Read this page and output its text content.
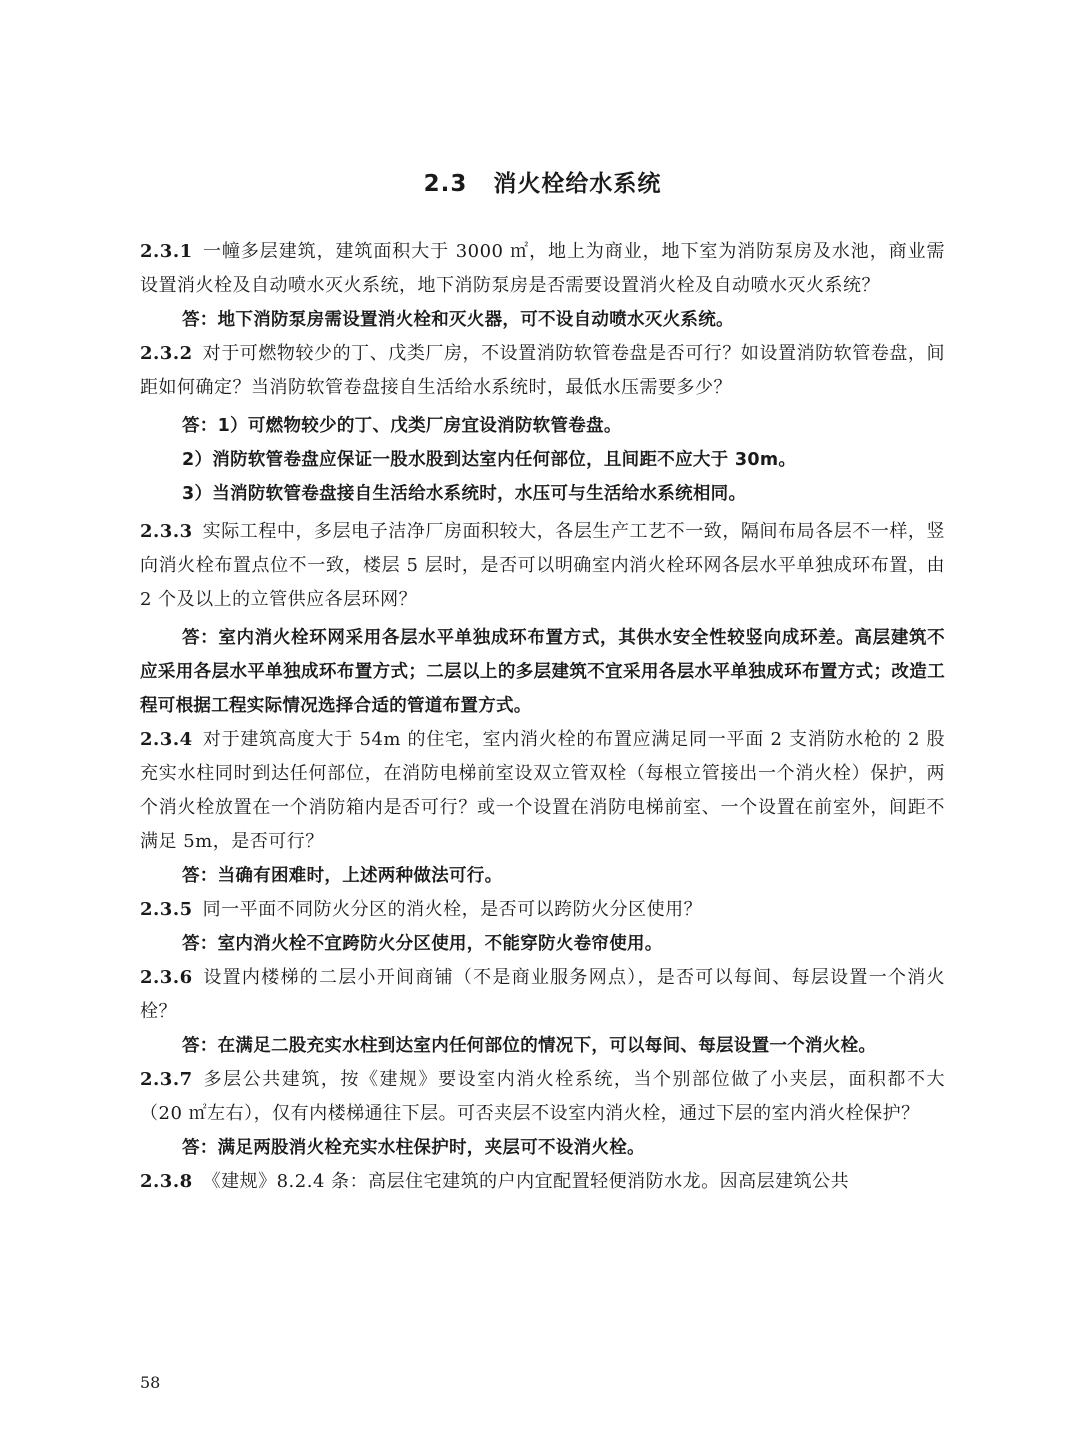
2.3 消火栓给水系统

2.3.1 一幢多层建筑，建筑面积大于 3000 ㎡，地上为商业，地下室为消防泵房及水池，商业需设置消火栓及自动喷水灭火系统，地下消防泵房是否需要设置消火栓及自动喷水灭火系统？

答：地下消防泵房需设置消火栓和灭火器，可不设自动喷水灭火系统。

2.3.2 对于可燃物较少的丁、戊类厂房，不设置消防软管卷盘是否可行？如设置消防软管卷盘，间距如何确定？当消防软管卷盘接自生活给水系统时，最低水压需要多少？

答：1）可燃物较少的丁、戊类厂房宜设消防软管卷盘。

2）消防软管卷盘应保证一股水股到达室内任何部位，且间距不应大于 30m。

3）当消防软管卷盘接自生活给水系统时，水压可与生活给水系统相同。

2.3.3 实际工程中，多层电子洁净厂房面积较大，各层生产工艺不一致，隔间布局各层不一样，竖向消火栓布置点位不一致，楼层 5 层时，是否可以明确室内消火栓环网各层水平单独成环布置，由 2 个及以上的立管供应各层环网？

答：室内消火栓环网采用各层水平单独成环布置方式，其供水安全性较竖向成环差。高层建筑不应采用各层水平单独成环布置方式；二层以上的多层建筑不宜采用各层水平单独成环布置方式；改造工程可根据工程实际情况选择合适的管道布置方式。

2.3.4 对于建筑高度大于 54m 的住宅，室内消火栓的布置应满足同一平面 2 支消防水枪的 2 股充实水柱同时到达任何部位，在消防电梯前室设双立管双栓（每根立管接出一个消火栓）保护，两个消火栓放置在一个消防箱内是否可行？或一个设置在消防电梯前室、一个设置在前室外，间距不满足 5m，是否可行？

答：当确有困难时，上述两种做法可行。

2.3.5 同一平面不同防火分区的消火栓，是否可以跨防火分区使用？

答：室内消火栓不宜跨防火分区使用，不能穿防火卷帘使用。

2.3.6 设置内楼梯的二层小开间商铺（不是商业服务网点），是否可以每间、每层设置一个消火栓？

答：在满足二股充实水柱到达室内任何部位的情况下，可以每间、每层设置一个消火栓。

2.3.7 多层公共建筑，按《建规》要设室内消火栓系统，当个别部位做了小夹层，面积都不大（20 ㎡左右），仅有内楼梯通往下层。可否夹层不设室内消火栓，通过下层的室内消火栓保护？

答：满足两股消火栓充实水柱保护时，夹层可不设消火栓。

2.3.8 《建规》8.2.4 条：高层住宅建筑的户内宜配置轻便消防水龙。因高层建筑公共

58
